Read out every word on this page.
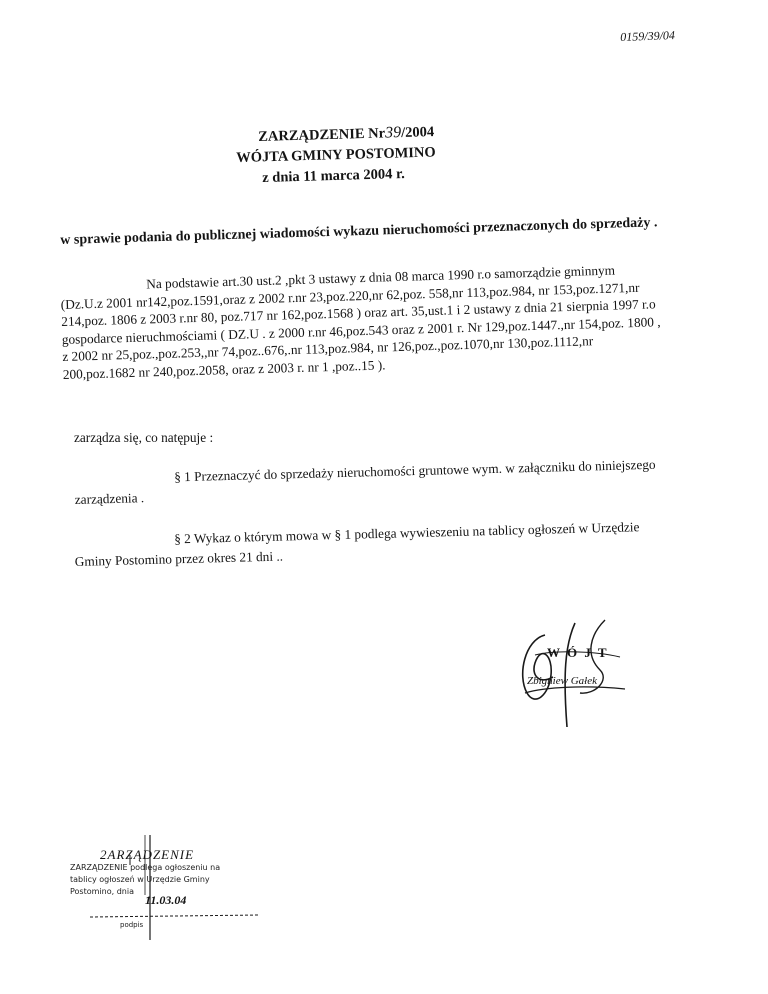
0159/39/04
ZARZĄDZENIE Nr39/2004
WÓJTA GMINY POSTOMINO
z dnia 11 marca 2004 r.
w sprawie podania do publicznej wiadomości wykazu nieruchomości przeznaczonych do sprzedaży .

Na podstawie art.30 ust.2 ,pkt 3 ustawy z dnia 08 marca 1990 r.o samorządzie gminnym (Dz.U.z 2001 nr142,poz.1591,oraz z 2002 r.nr 23,poz.220,nr 62,poz. 558,nr 113,poz.984, nr 153,poz.1271,nr 214,poz. 1806 z 2003 r.nr 80, poz.717 nr 162,poz.1568 ) oraz art. 35,ust.1 i 2 ustawy z dnia 21 sierpnia 1997 r.o gospodarce nieruchmościami ( DZ.U . z 2000 r.nr 46,poz.543 oraz z 2001 r. Nr 129,poz.1447.,nr 154,poz. 1800 , z 2002 nr 25,poz.,poz.253,,nr 74,poz..676,.nr 113,poz.984, nr 126,poz.,poz.1070,nr 130,poz.1112,nr 200,poz.1682 nr 240,poz.2058, oraz z 2003 r. nr 1 ,poz..15 ).

zarządza się, co natępuje :

§ 1 Przeznaczyć do sprzedaży nieruchomości gruntowe wym. w załączniku do niniejszego zarządzenia .

§ 2 Wykaz o którym mowa w § 1 podlega wywieszeniu na tablicy ogłoszeń w Urzędzie Gminy Postomino przez okres 21 dni ..

W Ó J T
Zbigniew Gałek
2ARZĄDZENIE
ZARZĄDZENIE podlega ogłoszeniu na
tablicy ogłoszeń w Urzędzie Gminy
Postomino, dnia
11.03.04
podpis
